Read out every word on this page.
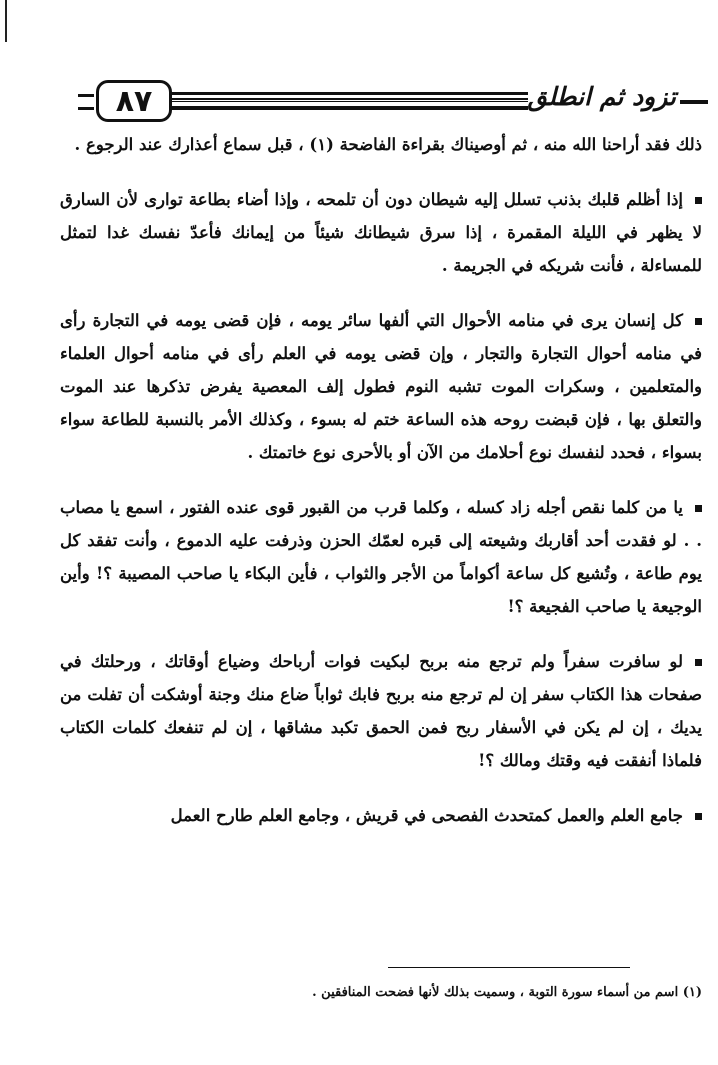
٨٧	تزود ثم انطلق

ذلك فقد أراحنا الله منه ، ثم أوصيناك بقراءة الفاضحة (١) ، قبل سماع أعذارك عند الرجوع .

إذا أظلم قلبك بذنب تسلل إليه شيطان دون أن تلمحه ، وإذا أضاء بطاعة توارى لأن السارق لا يظهر في الليلة المقمرة ، إذا سرق شيطانك شيئاً من إيمانك فأعدّ نفسك غدا لتمثل للمساءلة ، فأنت شريكه في الجريمة .

كل إنسان يرى في منامه الأحوال التي ألفها سائر يومه ، فإن قضى يومه في التجارة رأى في منامه أحوال التجارة والتجار ، وإن قضى يومه في العلم رأى في منامه أحوال العلماء والمتعلمين ، وسكرات الموت تشبه النوم فطول إلف المعصية يفرض تذكرها عند الموت والتعلق بها ، فإن قبضت روحه هذه الساعة ختم له بسوء ، وكذلك الأمر بالنسبة للطاعة سواء بسواء ، فحدد لنفسك نوع أحلامك من الآن أو بالأحرى نوع خاتمتك .

يا من كلما نقص أجله زاد كسله ، وكلما قرب من القبور قوى عنده الفتور ، اسمع يا مصاب . . لو فقدت أحد أقاربك وشيعته إلى قبره لعمّك الحزن وذرفت عليه الدموع ، وأنت تفقد كل يوم طاعة ، وتُشيع كل ساعة أكواماً من الأجر والثواب ، فأين البكاء يا صاحب المصيبة ؟! وأين الوجيعة يا صاحب الفجيعة ؟!

لو سافرت سفراً ولم ترجع منه بربح لبكيت فوات أرباحك وضياع أوقاتك ، ورحلتك في صفحات هذا الكتاب سفر إن لم ترجع منه بربح فابك ثواباً ضاع منك وجنة أوشكت أن تفلت من يديك ، إن لم يكن في الأسفار ربح فمن الحمق تكبد مشاقها ، إن لم تنفعك كلمات الكتاب فلماذا أنفقت فيه وقتك ومالك ؟!

جامع العلم والعمل كمتحدث الفصحى في قريش ، وجامع العلم طارح العمل

(١) اسم من أسماء سورة التوبة ، وسميت بذلك لأنها فضحت المنافقين .
